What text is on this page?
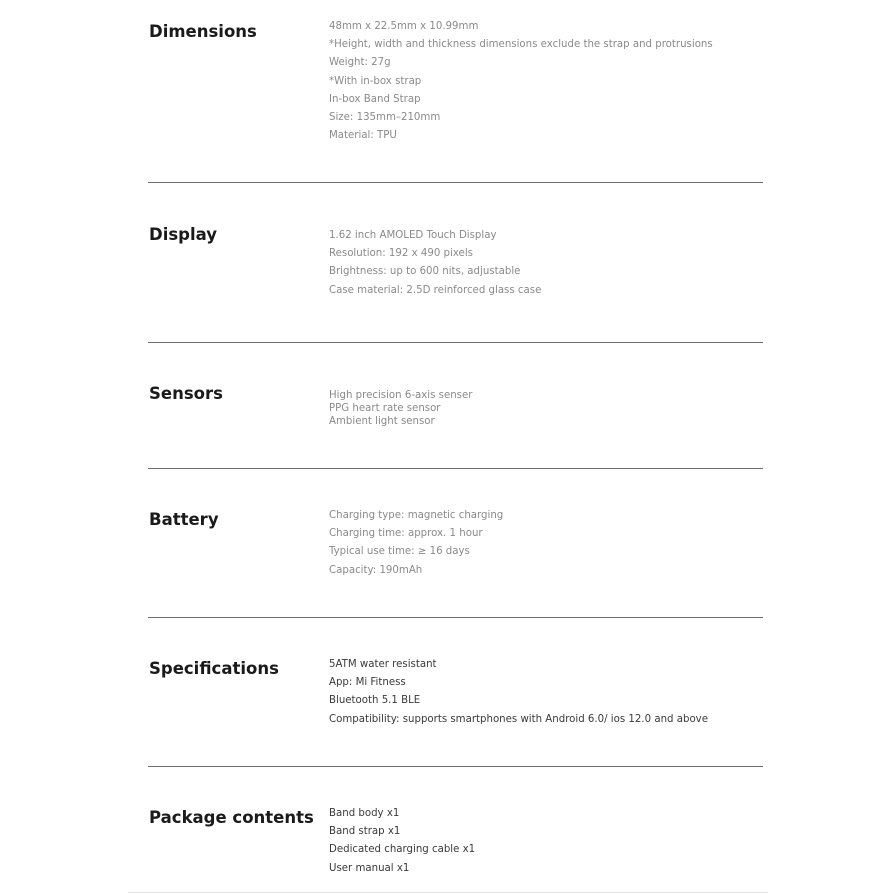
Dimensions	48mm x 22.5mm x 10.99mm
*Height, width and thickness dimensions exclude the strap and protrusions
Weight: 27g
*With in-box strap
In-box Band Strap
Size: 135mm–210mm
Material: TPU
Display	1.62 inch AMOLED Touch Display
Resolution: 192 x 490 pixels
Brightness: up to 600 nits, adjustable
Case material: 2.5D reinforced glass case
Sensors	High precision 6-axis senser
PPG heart rate sensor
Ambient light sensor
Battery	Charging type: magnetic charging
Charging time: approx. 1 hour
Typical use time: ≥ 16 days
Capacity: 190mAh
Specifications	5ATM water resistant
App: Mi Fitness
Bluetooth 5.1 BLE
Compatibility: supports smartphones with Android 6.0/ ios 12.0 and above
Package contents Band body x1
Band strap x1
Dedicated charging cable x1
User manual x1
